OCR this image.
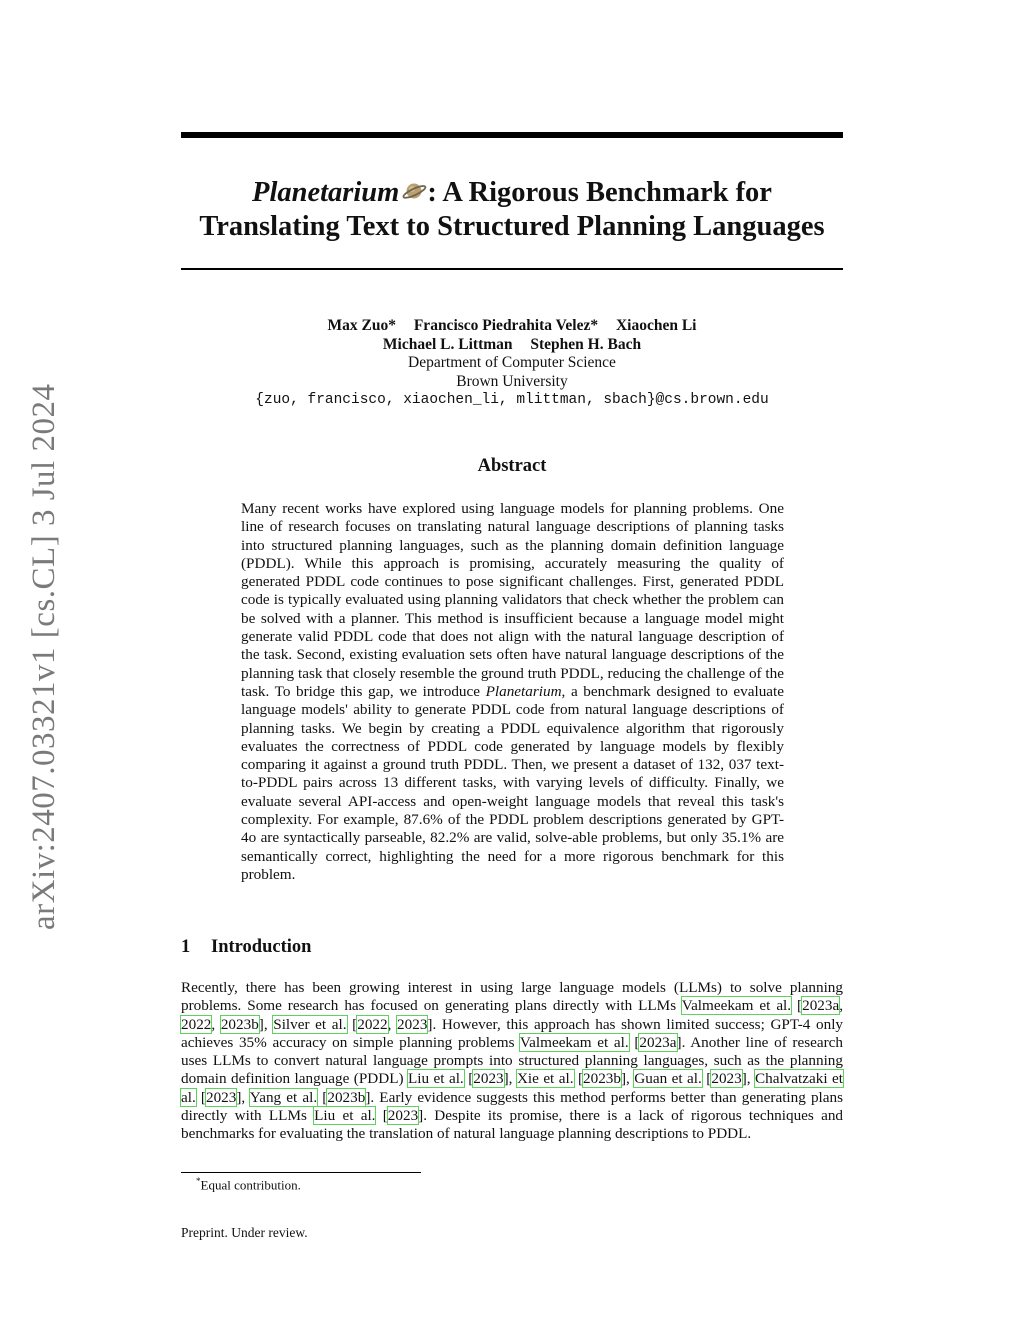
arXiv:2407.03321v1 [cs.CL] 3 Jul 2024
Planetarium : A Rigorous Benchmark for
Translating Text to Structured Planning Languages
Max Zuo* Francisco Piedrahita Velez* Xiaochen Li
Michael L. Littman Stephen H. Bach
Department of Computer Science
Brown University
{zuo, francisco, xiaochen_li, mlittman, sbach}@cs.brown.edu
Abstract
Many recent works have explored using language models for planning problems. One line of research focuses on translating natural language descriptions of planning tasks into structured planning languages, such as the planning domain definition language (PDDL). While this approach is promising, accurately measuring the quality of generated PDDL code continues to pose significant challenges. First, generated PDDL code is typically evaluated using planning validators that check whether the problem can be solved with a planner. This method is insufficient because a language model might generate valid PDDL code that does not align with the natural language description of the task. Second, existing evaluation sets often have natural language descriptions of the planning task that closely resemble the ground truth PDDL, reducing the challenge of the task. To bridge this gap, we introduce Planetarium, a benchmark designed to evaluate language models' ability to generate PDDL code from natural language descriptions of planning tasks. We begin by creating a PDDL equivalence algorithm that rigorously evaluates the correctness of PDDL code generated by language models by flexibly comparing it against a ground truth PDDL. Then, we present a dataset of 132, 037 text-to-PDDL pairs across 13 different tasks, with varying levels of difficulty. Finally, we evaluate several API-access and open-weight language models that reveal this task's complexity. For example, 87.6% of the PDDL problem descriptions generated by GPT-4o are syntactically parseable, 82.2% are valid, solve-able problems, but only 35.1% are semantically correct, highlighting the need for a more rigorous benchmark for this problem.
1 Introduction
Recently, there has been growing interest in using large language models (LLMs) to solve planning problems. Some research has focused on generating plans directly with LLMs Valmeekam et al. [2023a, 2022, 2023b], Silver et al. [2022, 2023]. However, this approach has shown limited success; GPT-4 only achieves 35% accuracy on simple planning problems Valmeekam et al. [2023a]. Another line of research uses LLMs to convert natural language prompts into structured planning languages, such as the planning domain definition language (PDDL) Liu et al. [2023], Xie et al. [2023b], Guan et al. [2023], Chalvatzaki et al. [2023], Yang et al. [2023b]. Early evidence suggests this method performs better than generating plans directly with LLMs Liu et al. [2023]. Despite its promise, there is a lack of rigorous techniques and benchmarks for evaluating the translation of natural language planning descriptions to PDDL.
*Equal contribution.
Preprint. Under review.
